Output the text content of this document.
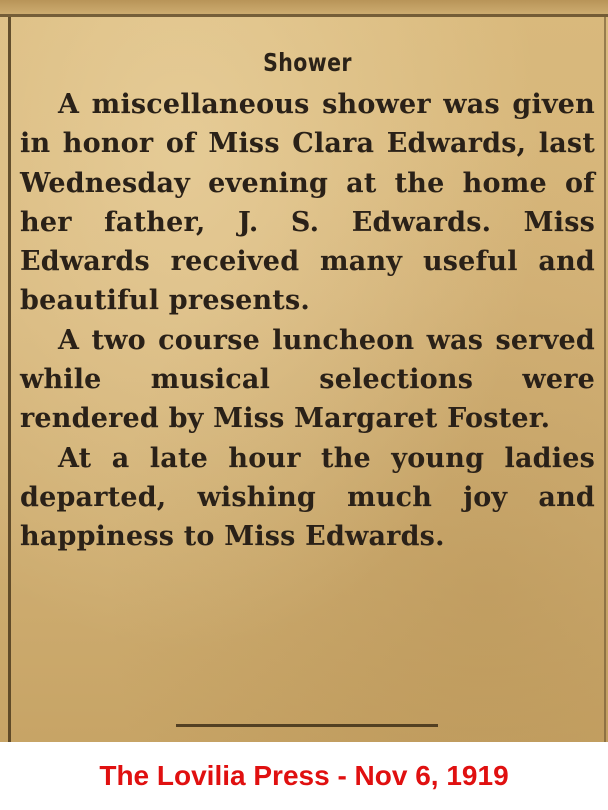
Shower

A miscellaneous shower was given in honor of Miss Clara Edwards, last Wednesday evening at the home of her father, J. S. Edwards. Miss Edwards received many useful and beautiful presents.

A two course luncheon was served while musical selections were rendered by Miss Margaret Foster.

At a late hour the young ladies departed, wishing much joy and happiness to Miss Edwards.

The Lovilia Press - Nov 6, 1919
